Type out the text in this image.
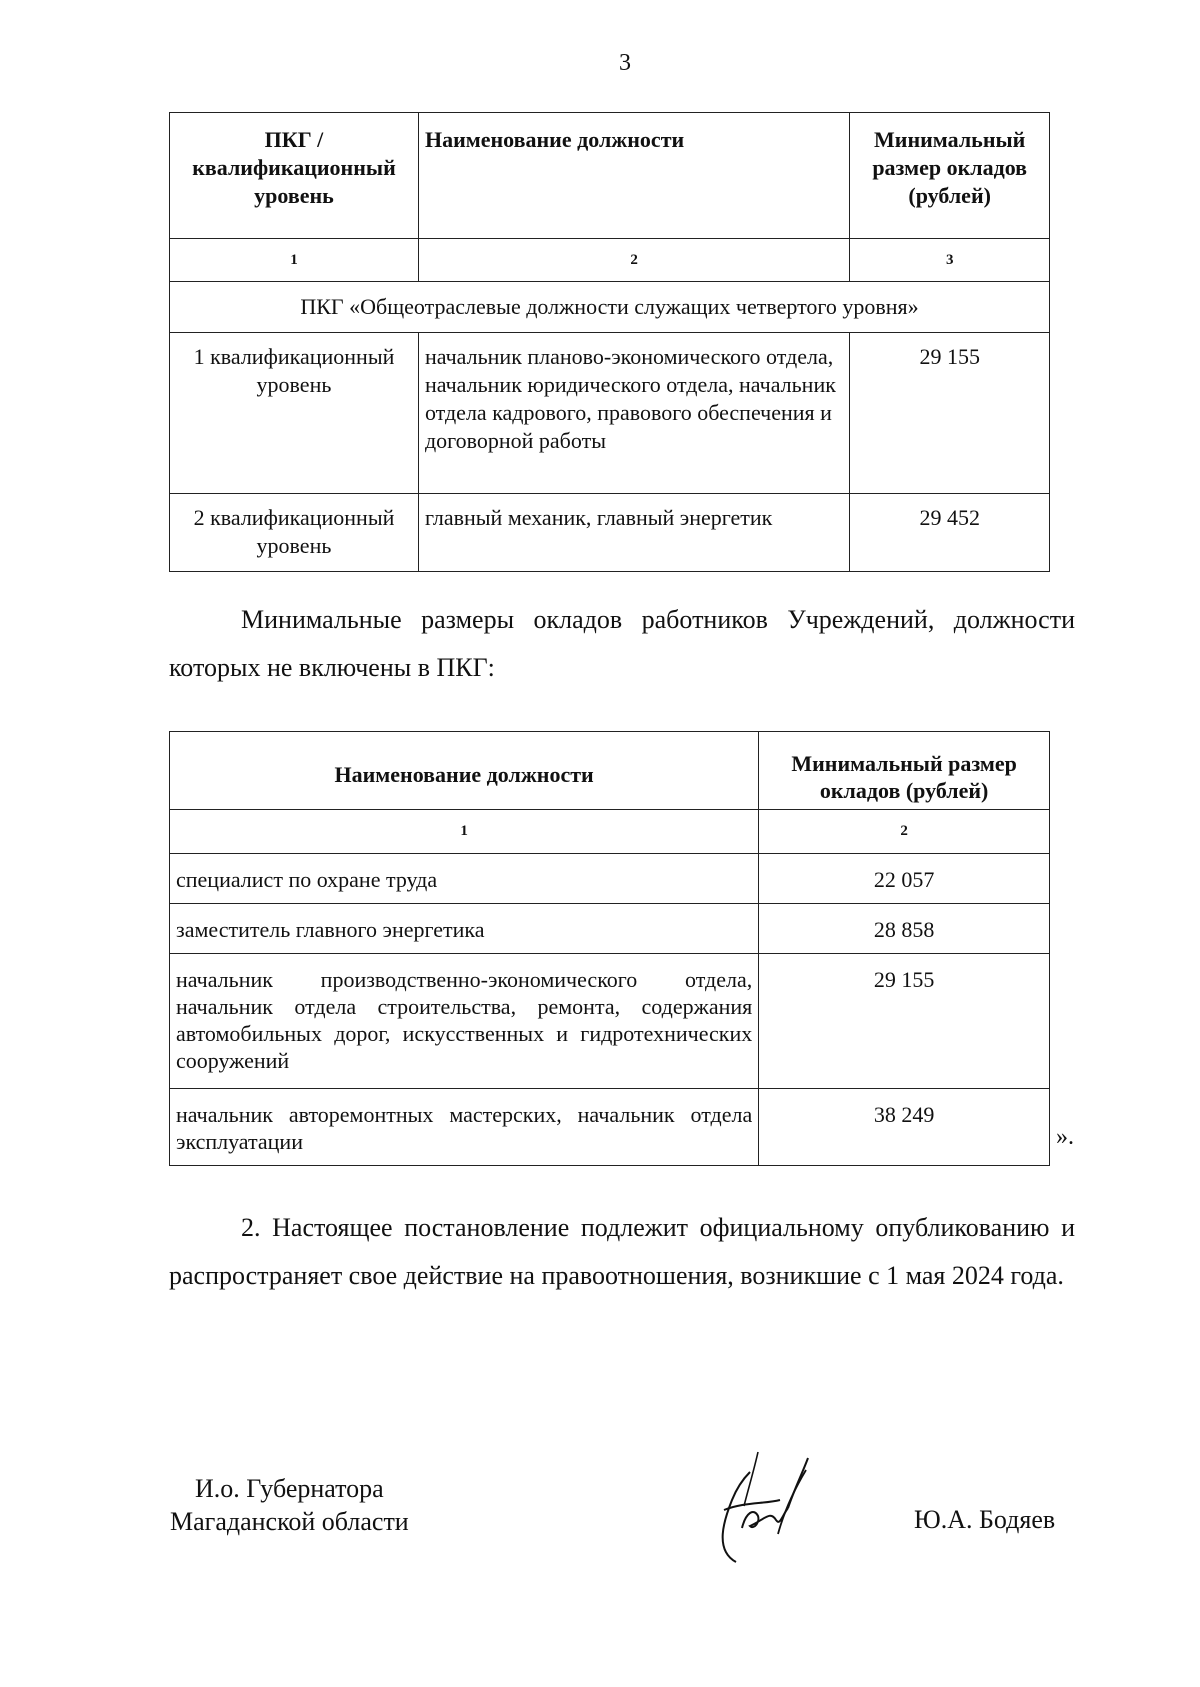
3
ПКГ / квалификационный уровень	Наименование должности	Минимальный размер окладов (рублей)
1	2	3
ПКГ «Общеотраслевые должности служащих четвертого уровня»		
1 квалификационный уровень	начальник планово-экономического отдела, начальник юридического отдела, начальник отдела кадрового, правового обеспечения и договорной работы	29 155
2 квалификационный уровень	главный механик, главный энергетик	29 452
Минимальные размеры окладов работников Учреждений, должности которых не включены в ПКГ:
Наименование должности	Минимальный размер окладов (рублей)
1	2
специалист по охране труда	22 057
заместитель главного энергетика	28 858
начальник производственно-экономического отдела, начальник отдела строительства, ремонта, содержания автомобильных дорог, искусственных и гидротехнических сооружений	29 155
начальник авторемонтных мастерских, начальник отдела эксплуатации	38 249
».
2. Настоящее постановление подлежит официальному опубликованию и распространяет свое действие на правоотношения, возникшие с 1 мая 2024 года.
И.о. Губернатора
Магаданской области	Ю.А. Бодяев
